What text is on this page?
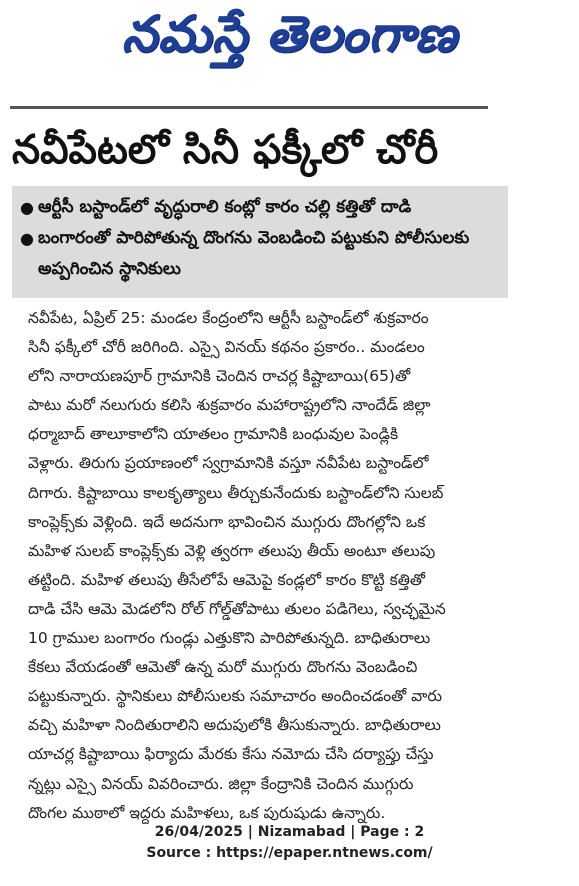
నమస్తే తెలంగాణ
నవీపేటలో సినీ ఫక్కీలో చోరీ
● ఆర్టీసీ బస్టాండ్‌లో వృద్ధురాలి కంట్లో కారం చల్లి కత్తితో దాడి
● బంగారంతో పారిపోతున్న దొంగను వెంబడించి పట్టుకుని పోలీసులకు అప్పగించిన స్థానికులు
నవీపేట, ఏప్రిల్ 25: మండల కేంద్రంలోని ఆర్టీసీ బస్టాండ్‌లో శుక్రవారం
సినీ ఫక్కీలో చోరీ జరిగింది. ఎస్సై వినయ్ కథనం ప్రకారం.. మండలం
లోని నారాయణపూర్ గ్రామానికి చెందిన రాచర్ల కిష్టాబాయి(65)తో
పాటు మరో నలుగురు కలిసి శుక్రవారం మహారాష్ట్రలోని నాందేడ్ జిల్లా
ధర్మాబాద్ తాలూకాలోని యాతలం గ్రామానికి బంధువుల పెండ్లికి
వెళ్లారు. తిరుగు ప్రయాణంలో స్వగ్రామానికి వస్తూ నవీపేట బస్టాండ్‌లో
దిగారు. కిష్టాబాయి కాలకృత్యాలు తీర్చుకునేందుకు బస్టాండ్‌లోని సులబ్
కాంప్లెక్స్‌కు వెళ్లింది. ఇదే అదనుగా భావించిన ముగ్గురు దొంగల్లోని ఒక
మహిళ సులబ్ కాంప్లెక్స్‌కు వెళ్లి త్వరగా తలుపు తీయ్ అంటూ తలుపు
తట్టింది. మహిళ తలుపు తీసేలోపే ఆమెపై కండ్లలో కారం కొట్టి కత్తితో
దాడి చేసి ఆమె మెడలోని రోల్ గోల్డ్‌తోపాటు తులం పడిగెలు, స్వచ్ఛమైన
10 గ్రాముల బంగారం గుండ్లు ఎత్తుకొని పారిపోతున్నది. బాధితురాలు
కేకలు వేయడంతో ఆమెతో ఉన్న మరో ముగ్గురు దొంగను వెంబడించి
పట్టుకున్నారు. స్థానికులు పోలీసులకు సమాచారం అందించడంతో వారు
వచ్చి మహిళా నిందితురాలిని అదుపులోకి తీసుకున్నారు. బాధితురాలు
యాచర్ల కిష్టాబాయి ఫిర్యాదు మేరకు కేసు నమోదు చేసి దర్యాప్తు చేస్తు
న్నట్లు ఎస్సై వినయ్ వివరించారు. జిల్లా కేంద్రానికి చెందిన ముగ్గురు
దొంగల ముఠాలో ఇద్దరు మహిళలు, ఒక పురుషుడు ఉన్నారు.
26/04/2025 | Nizamabad | Page : 2
Source : https://epaper.ntnews.com/
